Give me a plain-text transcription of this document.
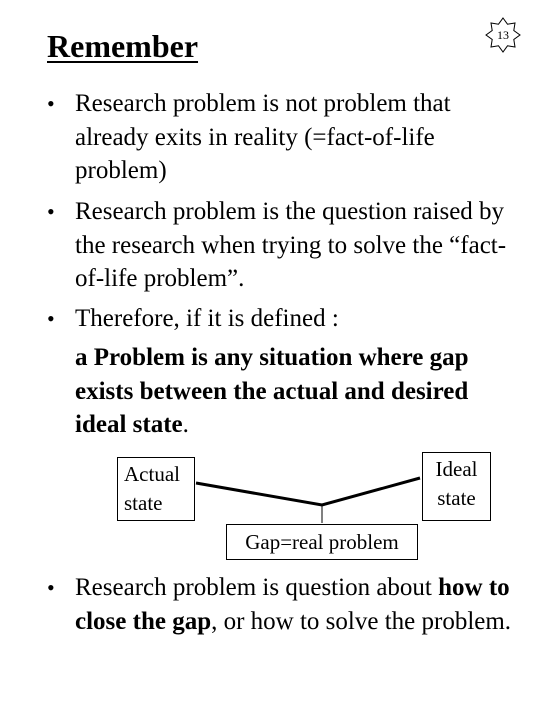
Remember	13
• Research problem is not problem that already exits in reality (=fact-of-life problem)
• Research problem is the question raised by the research when trying to solve the “fact-of-life problem”.
• Therefore, if it is defined :
a Problem is any situation where gap exists between the actual and desired ideal state.
Actual state
Ideal state
Gap=real problem
• Research problem is question about how to close the gap, or how to solve the problem.
